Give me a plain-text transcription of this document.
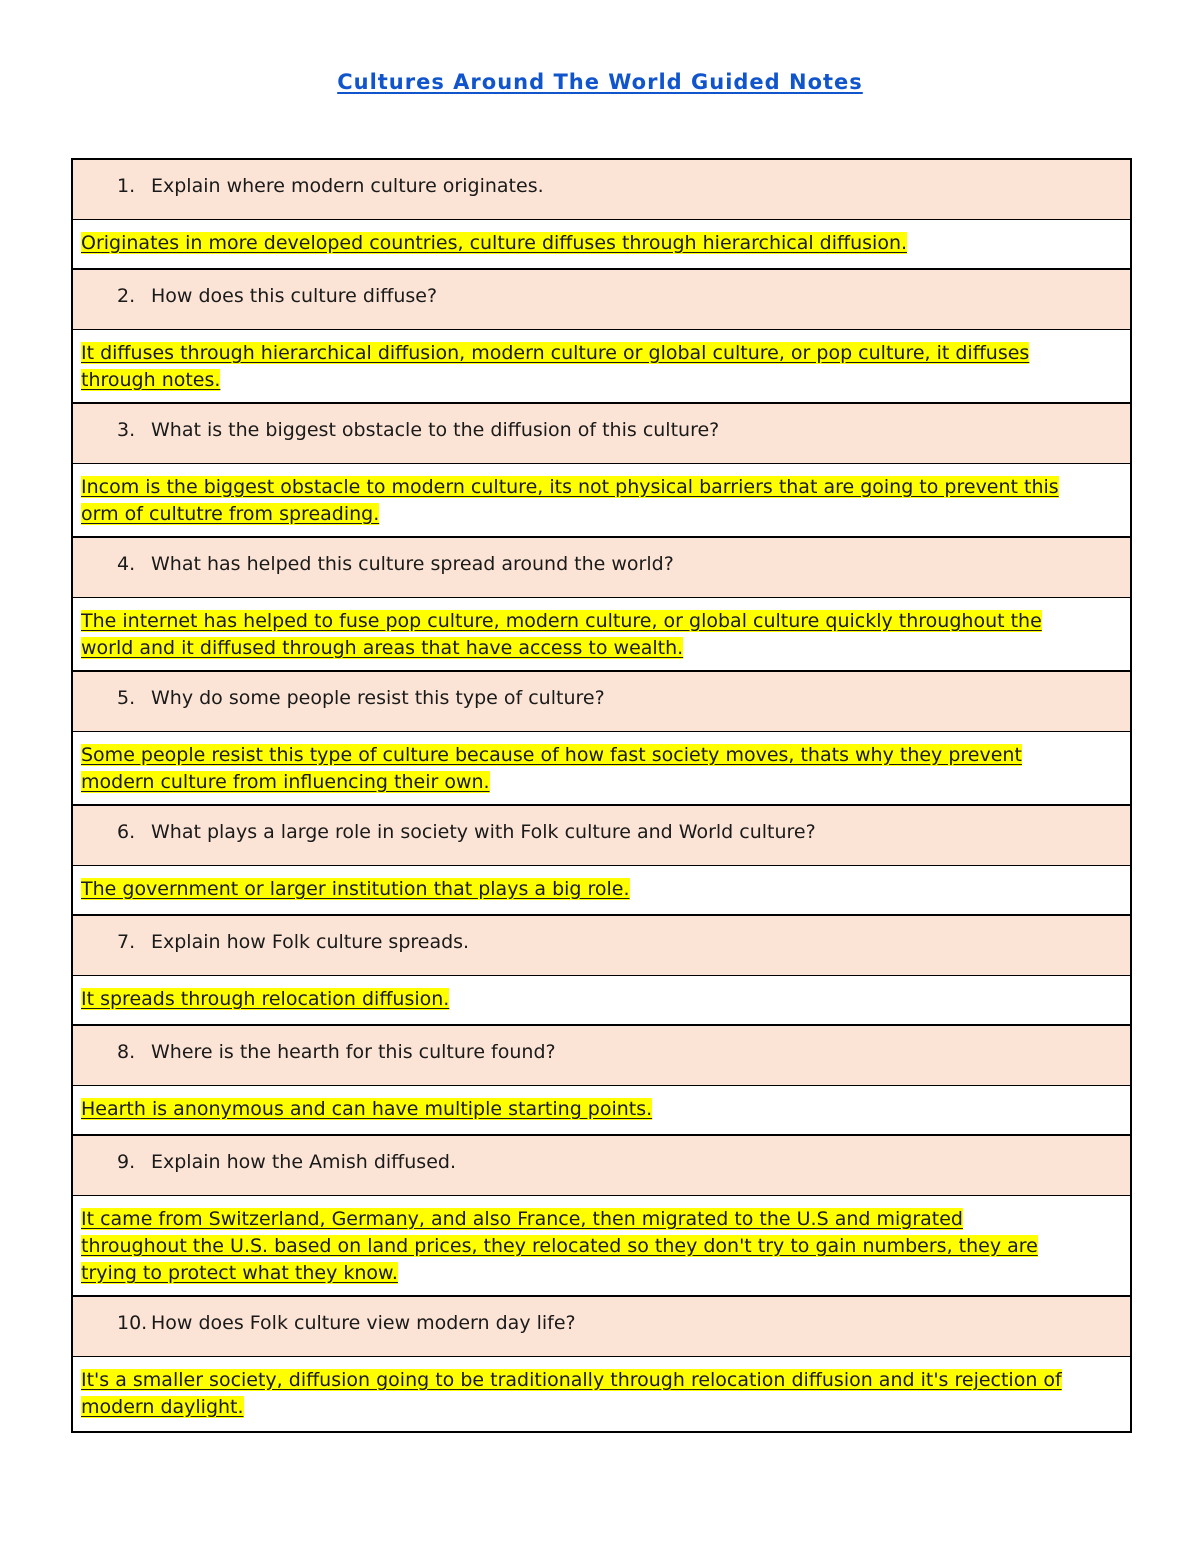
Cultures Around The World Guided Notes
1. Explain where modern culture originates.
Originates in more developed countries, culture diffuses through hierarchical diffusion.
2. How does this culture diffuse?
It diffuses through hierarchical diffusion, modern culture or global culture, or pop culture, it diffuses through notes.
3. What is the biggest obstacle to the diffusion of this culture?
Incom is the biggest obstacle to modern culture, its not physical barriers that are going to prevent this orm of cultutre from spreading.
4. What has helped this culture spread around the world?
The internet has helped to fuse pop culture, modern culture, or global culture quickly throughout the world and it diffused through areas that have access to wealth.
5. Why do some people resist this type of culture?
Some people resist this type of culture because of how fast society moves, thats why they prevent modern culture from influencing their own.
6. What plays a large role in society with Folk culture and World culture?
The government or larger institution that plays a big role.
7. Explain how Folk culture spreads.
It spreads through relocation diffusion.
8. Where is the hearth for this culture found?
Hearth is anonymous and can have multiple starting points.
9. Explain how the Amish diffused.
It came from Switzerland, Germany, and also France, then migrated to the U.S and migrated throughout the U.S. based on land prices, they relocated so they don't try to gain numbers, they are trying to protect what they know.
10. How does Folk culture view modern day life?
It's a smaller society, diffusion going to be traditionally through relocation diffusion and it's rejection of modern daylight.
